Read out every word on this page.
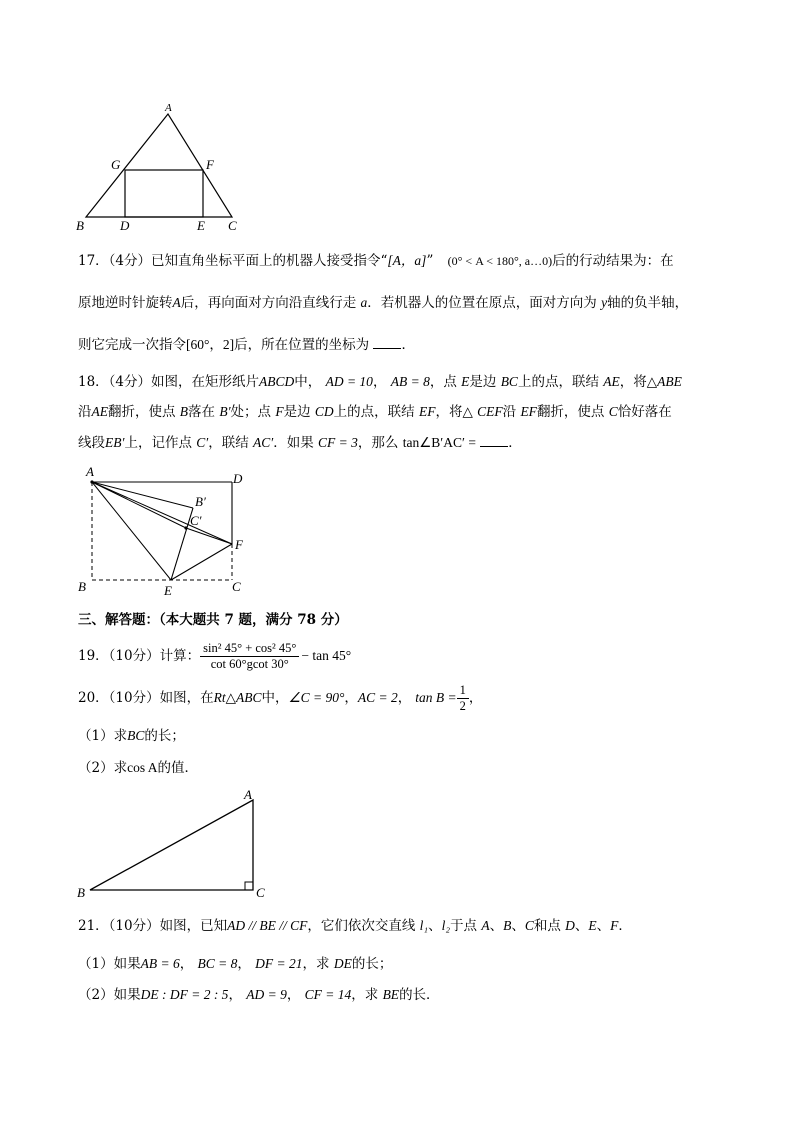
A
G	F
B	D	E C
17．（4分）已知直角坐标平面上的机器人接受指令“[A，a]” (0° < A < 180°, a…0)后的行动结果为：在
原地逆时针旋转A后，再向面对方向沿直线行走 a．若机器人的位置在原点，面对方向为 y轴的负半轴，
则它完成一次指令[60°，2]后，所在位置的坐标为 ．
18．（4分）如图，在矩形纸片ABCD中， AD = 10， AB = 8，点 E是边 BC上的点，联结 AE，将△ABE
沿AE翻折，使点 B落在 B′处；点 F是边 CD上的点，联结 EF，将△ CEF沿 EF翻折，使点 C恰好落在
线段EB′上，记作点 C′，联结 AC′．如果 CF = 3，那么 tan∠B′AC′ = ．
A	D
B′
C′
F
B	E	C
三、解答题：（本大题共 7 题，满分 78 分）
19．（10分）计算： $\frac{\text{sin² 45° + cos² 45°}}{\cot 60^\circ gcot 30^\circ} - \tan 45^\circ$
20．（10分）如图，在 Rt △ ABC 中， ∠C = 90° ， AC = 2 ， $\tan B = \frac{1}{2}$ ，
（1）求BC的长；
（2）求cos A的值．
A
B	C
21．（10分）如图，已知AD // BE // CF，它们依次交直线 l₁、l₂于点 A、B、C和点 D、E、F．
（1）如果AB = 6， BC = 8， DF = 21，求 DE的长；
（2）如果DE : DF = 2 : 5， AD = 9， CF = 14，求 BE的长．
